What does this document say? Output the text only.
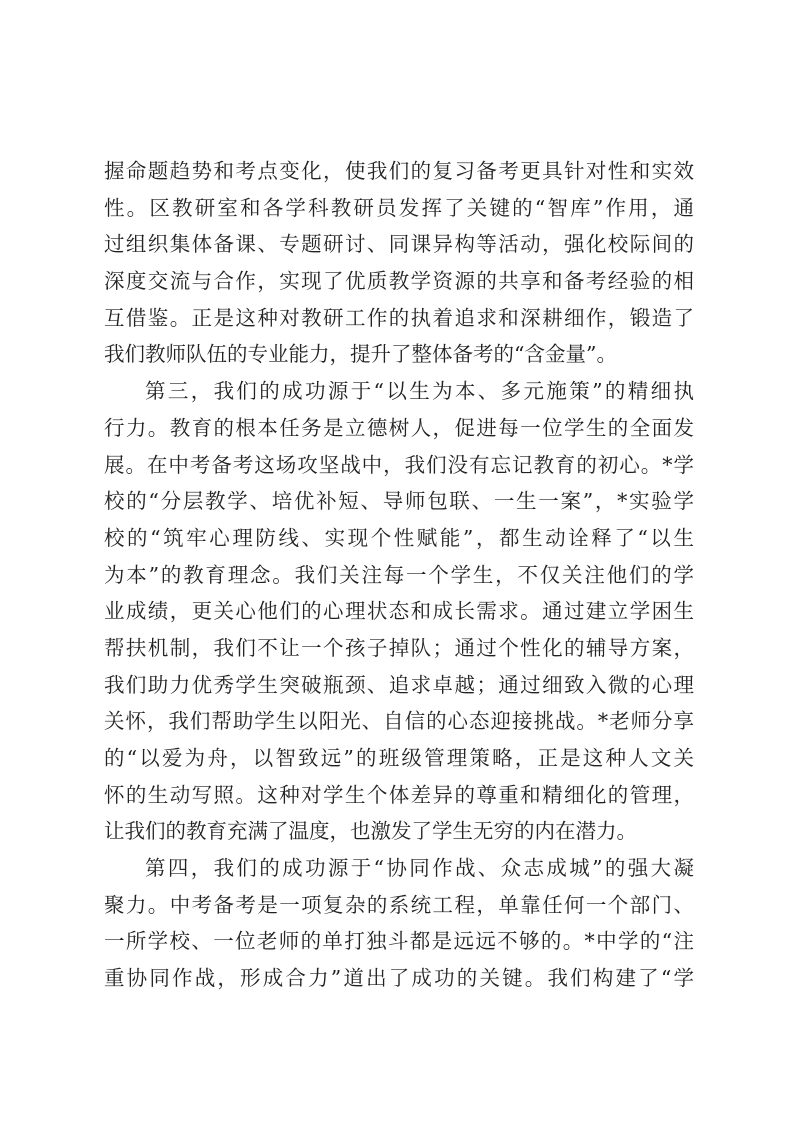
握命题趋势和考点变化，使我们的复习备考更具针对性和实效
性。区教研室和各学科教研员发挥了关键的“智库”作用，通
过组织集体备课、专题研讨、同课异构等活动，强化校际间的
深度交流与合作，实现了优质教学资源的共享和备考经验的相
互借鉴。正是这种对教研工作的执着追求和深耕细作，锻造了
我们教师队伍的专业能力，提升了整体备考的“含金量”。
第三，我们的成功源于“以生为本、多元施策”的精细执
行力。教育的根本任务是立德树人，促进每一位学生的全面发
展。在中考备考这场攻坚战中，我们没有忘记教育的初心。*学
校的“分层教学、培优补短、导师包联、一生一案”，*实验学
校的“筑牢心理防线、实现个性赋能”，都生动诠释了“以生
为本”的教育理念。我们关注每一个学生，不仅关注他们的学
业成绩，更关心他们的心理状态和成长需求。通过建立学困生
帮扶机制，我们不让一个孩子掉队；通过个性化的辅导方案，
我们助力优秀学生突破瓶颈、追求卓越；通过细致入微的心理
关怀，我们帮助学生以阳光、自信的心态迎接挑战。*老师分享
的“以爱为舟，以智致远”的班级管理策略，正是这种人文关
怀的生动写照。这种对学生个体差异的尊重和精细化的管理，
让我们的教育充满了温度，也激发了学生无穷的内在潜力。
第四，我们的成功源于“协同作战、众志成城”的强大凝
聚力。中考备考是一项复杂的系统工程，单靠任何一个部门、
一所学校、一位老师的单打独斗都是远远不够的。*中学的“注
重协同作战，形成合力”道出了成功的关键。我们构建了“学
